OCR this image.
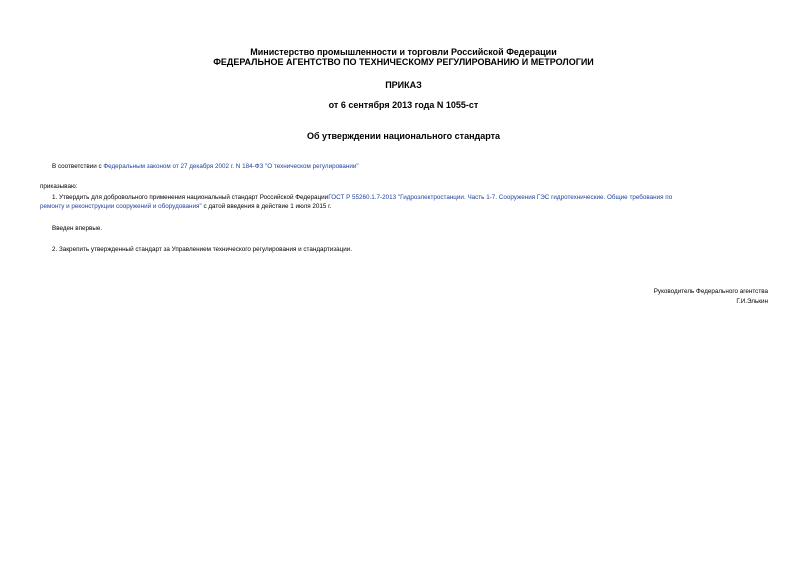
Министерство промышленности и торговли Российской Федерации
ФЕДЕРАЛЬНОЕ АГЕНТСТВО ПО ТЕХНИЧЕСКОМУ РЕГУЛИРОВАНИЮ И МЕТРОЛОГИИ
ПРИКАЗ
от 6 сентября 2013 года N 1055-ст
Об утверждении национального стандарта
В соответствии с Федеральным законом от 27 декабря 2002 г. N 184-ФЗ "О техническом регулировании"
приказываю:
1. Утвердить для добровольного применения национальный стандарт Российской ФедерацииГОСТ Р 55260.1.7-2013 "Гидроэлектростанции. Часть 1-7. Сооружения ГЭС гидротехнические. Общие требования по
ремонту и реконструкции сооружений и оборудования" с датой введения в действие 1 июля 2015 г.
Введен впервые.
2. Закрепить утвержденный стандарт за Управлением технического регулирования и стандартизации.
Руководитель Федерального агентства
Г.И.Элькин
